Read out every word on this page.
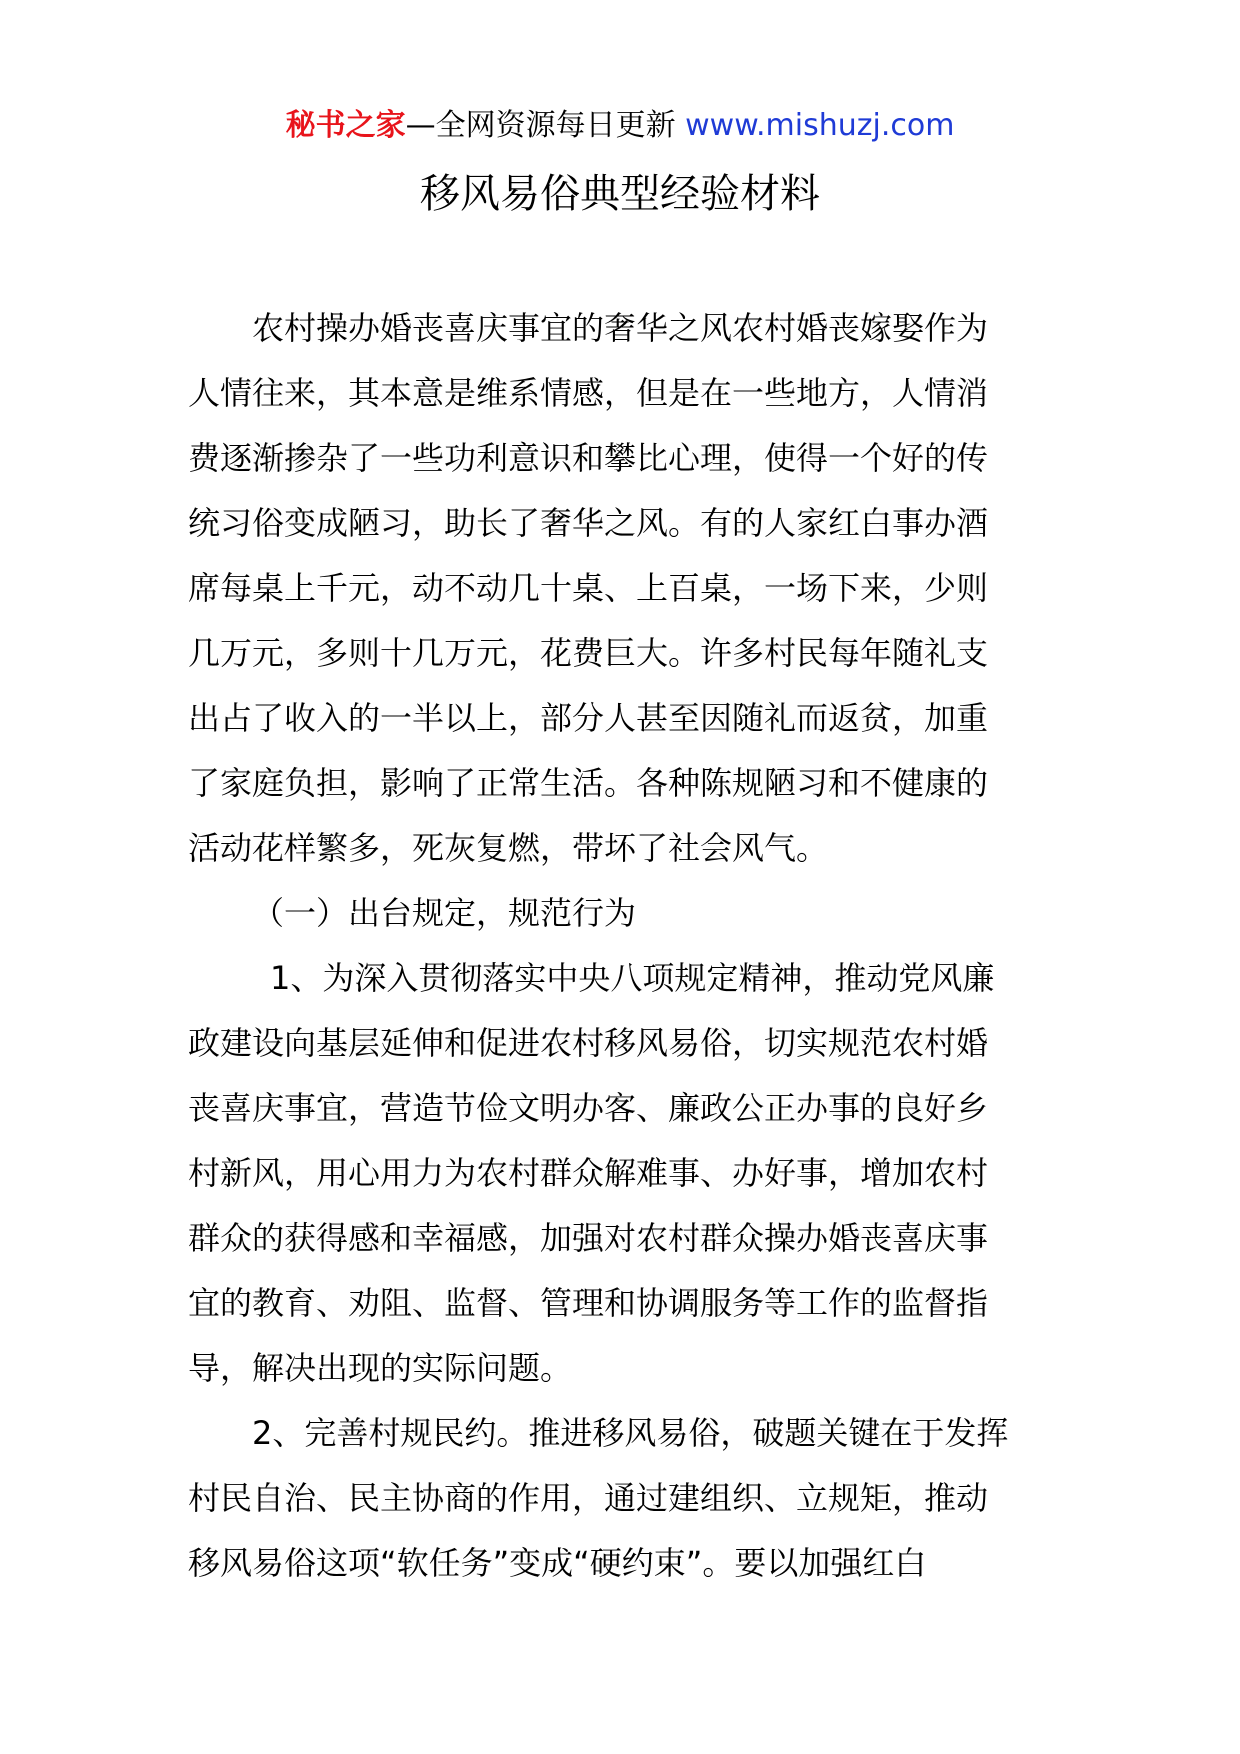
秘书之家—全网资源每日更新 www.mishuzj.com
移风易俗典型经验材料
农村操办婚丧喜庆事宜的奢华之风农村婚丧嫁娶作为
人情往来，其本意是维系情感，但是在一些地方，人情消
费逐渐掺杂了一些功利意识和攀比心理，使得一个好的传
统习俗变成陋习，助长了奢华之风。有的人家红白事办酒
席每桌上千元，动不动几十桌、上百桌，一场下来，少则
几万元，多则十几万元，花费巨大。许多村民每年随礼支
出占了收入的一半以上，部分人甚至因随礼而返贫，加重
了家庭负担，影响了正常生活。各种陈规陋习和不健康的
活动花样繁多，死灰复燃，带坏了社会风气。
（一）出台规定，规范行为
1、为深入贯彻落实中央八项规定精神，推动党风廉
政建设向基层延伸和促进农村移风易俗，切实规范农村婚
丧喜庆事宜，营造节俭文明办客、廉政公正办事的良好乡
村新风，用心用力为农村群众解难事、办好事，增加农村
群众的获得感和幸福感，加强对农村群众操办婚丧喜庆事
宜的教育、劝阻、监督、管理和协调服务等工作的监督指
导，解决出现的实际问题。
2、完善村规民约。推进移风易俗，破题关键在于发挥
村民自治、民主协商的作用，通过建组织、立规矩，推动
移风易俗这项“软任务”变成“硬约束”。要以加强红白
